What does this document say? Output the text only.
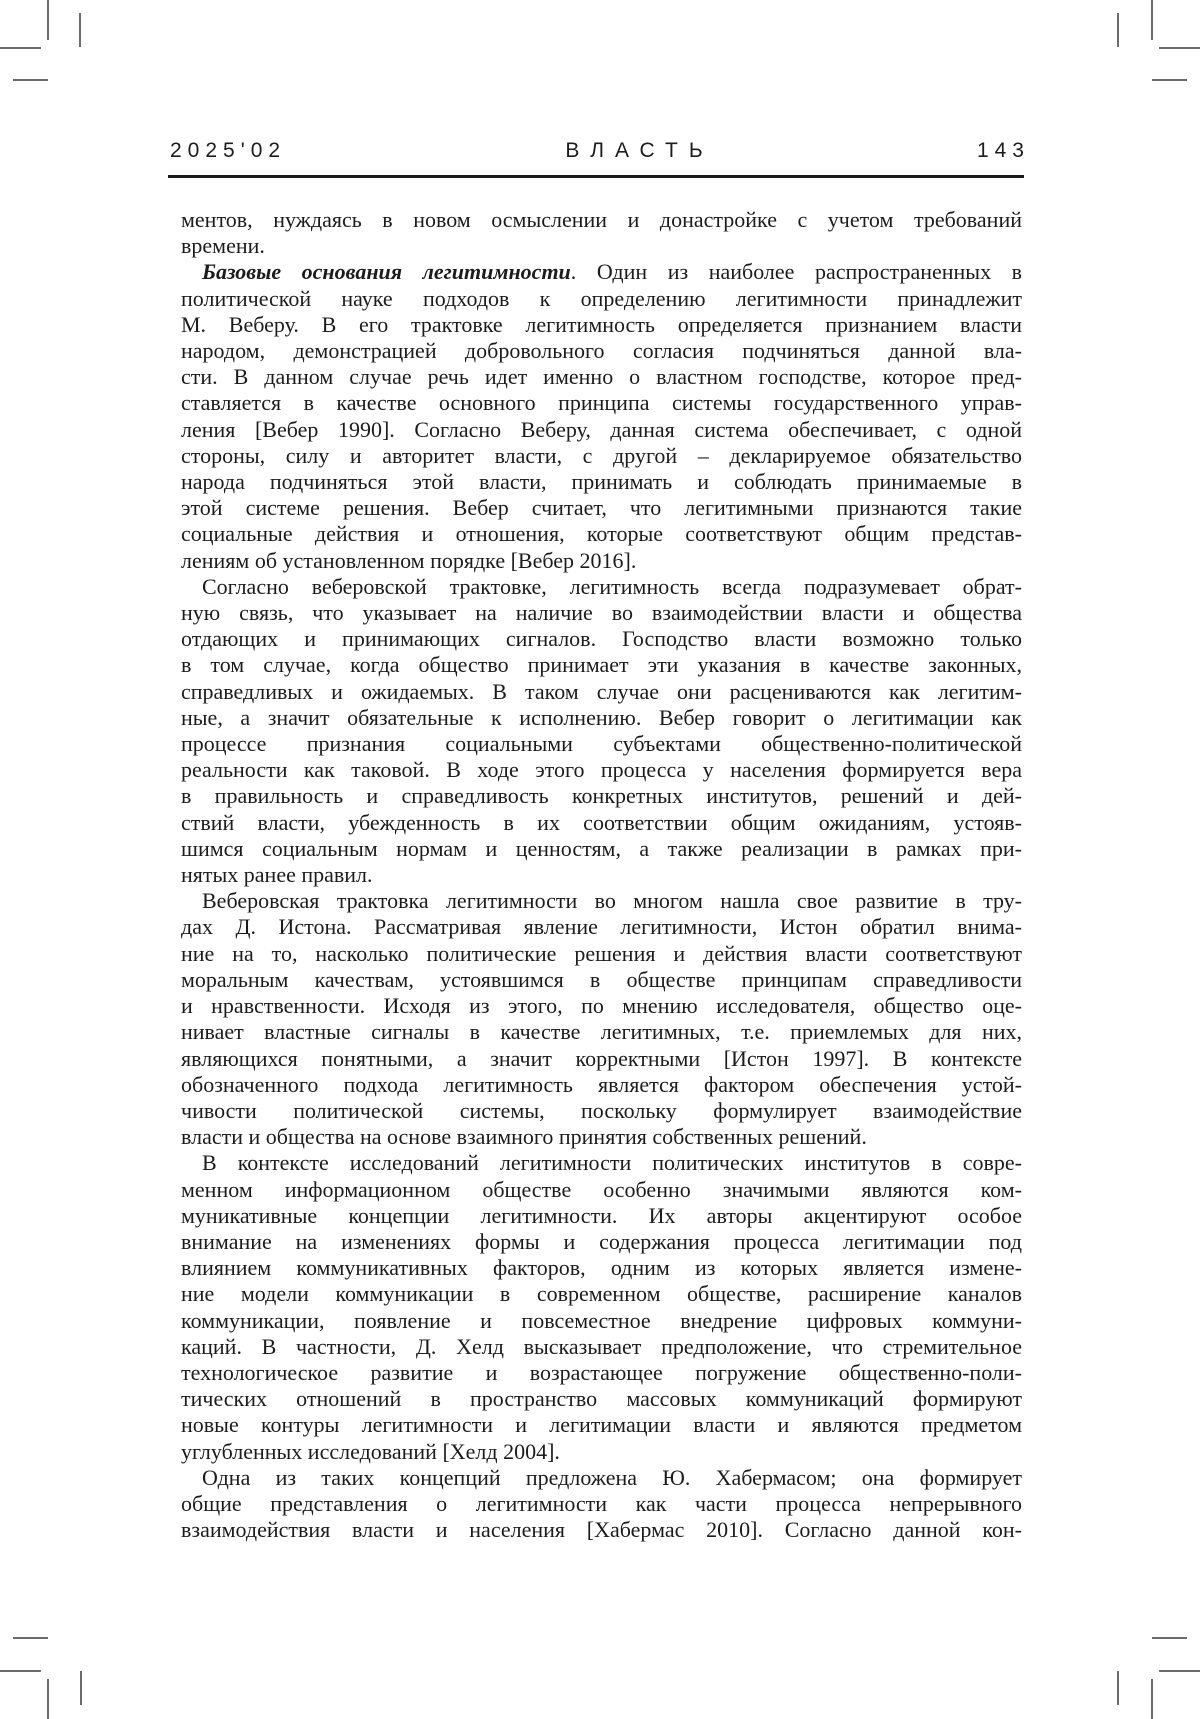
2025'02	ВЛАСТЬ	143
ментов, нуждаясь в новом осмыслении и донастройке с учетом требований
времени.
Базовые основания легитимности. Один из наиболее распространенных в
политической науке подходов к определению легитимности принадлежит
М. Веберу. В его трактовке легитимность определяется признанием власти
народом, демонстрацией добровольного согласия подчиняться данной вла-
сти. В данном случае речь идет именно о властном господстве, которое пред-
ставляется в качестве основного принципа системы государственного управ-
ления [Вебер 1990]. Согласно Веберу, данная система обеспечивает, с одной
стороны, силу и авторитет власти, с другой – декларируемое обязательство
народа подчиняться этой власти, принимать и соблюдать принимаемые в
этой системе решения. Вебер считает, что легитимными признаются такие
социальные действия и отношения, которые соответствуют общим представ-
лениям об установленном порядке [Вебер 2016].
Согласно веберовской трактовке, легитимность всегда подразумевает обрат-
ную связь, что указывает на наличие во взаимодействии власти и общества
отдающих и принимающих сигналов. Господство власти возможно только
в том случае, когда общество принимает эти указания в качестве законных,
справедливых и ожидаемых. В таком случае они расцениваются как легитим-
ные, а значит обязательные к исполнению. Вебер говорит о легитимации как
процессе признания социальными субъектами общественно-политической
реальности как таковой. В ходе этого процесса у населения формируется вера
в правильность и справедливость конкретных институтов, решений и дей-
ствий власти, убежденность в их соответствии общим ожиданиям, устояв-
шимся социальным нормам и ценностям, а также реализации в рамках при-
нятых ранее правил.
Веберовская трактовка легитимности во многом нашла свое развитие в тру-
дах Д. Истона. Рассматривая явление легитимности, Истон обратил внима-
ние на то, насколько политические решения и действия власти соответствуют
моральным качествам, устоявшимся в обществе принципам справедливости
и нравственности. Исходя из этого, по мнению исследователя, общество оце-
нивает властные сигналы в качестве легитимных, т.е. приемлемых для них,
являющихся понятными, а значит корректными [Истон 1997]. В контексте
обозначенного подхода легитимность является фактором обеспечения устой-
чивости политической системы, поскольку формулирует взаимодействие
власти и общества на основе взаимного принятия собственных решений.
В контексте исследований легитимности политических институтов в совре-
менном информационном обществе особенно значимыми являются ком-
муникативные концепции легитимности. Их авторы акцентируют особое
внимание на изменениях формы и содержания процесса легитимации под
влиянием коммуникативных факторов, одним из которых является измене-
ние модели коммуникации в современном обществе, расширение каналов
коммуникации, появление и повсеместное внедрение цифровых коммуни-
каций. В частности, Д. Хелд высказывает предположение, что стремительное
технологическое развитие и возрастающее погружение общественно-поли-
тических отношений в пространство массовых коммуникаций формируют
новые контуры легитимности и легитимации власти и являются предметом
углубленных исследований [Хелд 2004].
Одна из таких концепций предложена Ю. Хабермасом; она формирует
общие представления о легитимности как части процесса непрерывного
взаимодействия власти и населения [Хабермас 2010]. Согласно данной кон-
